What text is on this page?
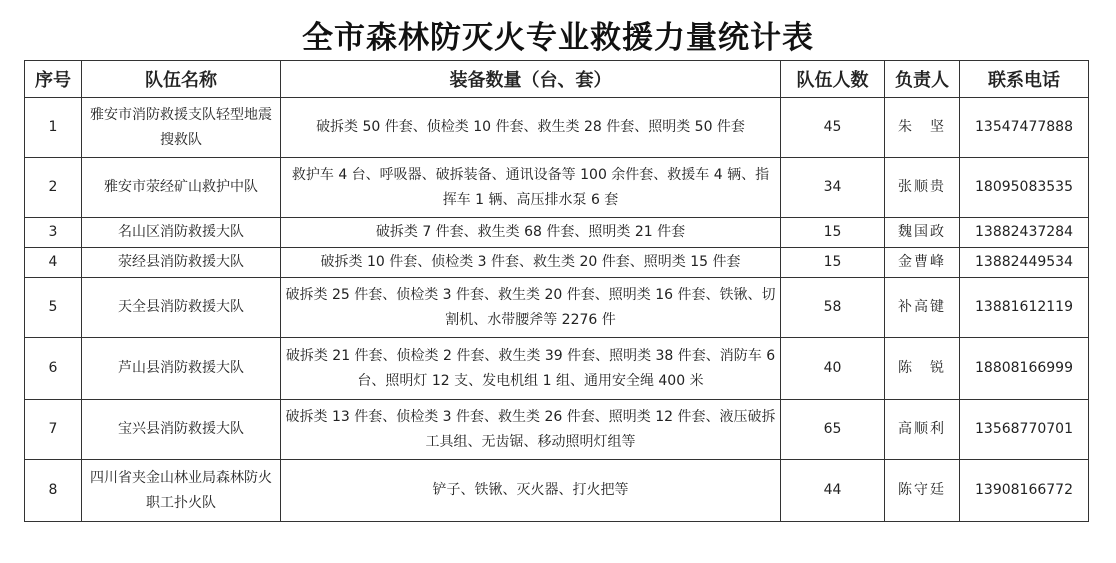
全市森林防灭火专业救援力量统计表
序号	队伍名称	装备数量（台、套）	队伍人数	负责人	联系电话
1	雅安市消防救援支队轻型地震搜救队	破拆类 50 件套、侦检类 10 件套、救生类 28 件套、照明类 50 件套	45	朱　坚	13547477888
2	雅安市荥经矿山救护中队	救护车 4 台、呼吸器、破拆装备、通讯设备等 100 余件套、救援车 4 辆、指挥车 1 辆、高压排水泵 6 套	34	张顺贵	18095083535
3	名山区消防救援大队	破拆类 7 件套、救生类 68 件套、照明类 21 件套	15	魏国政	13882437284
4	荥经县消防救援大队	破拆类 10 件套、侦检类 3 件套、救生类 20 件套、照明类 15 件套	15	金曹峰	13882449534
5	天全县消防救援大队	破拆类 25 件套、侦检类 3 件套、救生类 20 件套、照明类 16 件套、铁锹、切割机、水带腰斧等 2276 件	58	补高键	13881612119
6	芦山县消防救援大队	破拆类 21 件套、侦检类 2 件套、救生类 39 件套、照明类 38 件套、消防车 6 台、照明灯 12 支、发电机组 1 组、通用安全绳 400 米	40	陈　锐	18808166999
7	宝兴县消防救援大队	破拆类 13 件套、侦检类 3 件套、救生类 26 件套、照明类 12 件套、液压破拆工具组、无齿锯、移动照明灯组等	65	高顺利	13568770701
8	四川省夹金山林业局森林防火职工扑火队	铲子、铁锹、灭火器、打火把等	44	陈守廷	13908166772
